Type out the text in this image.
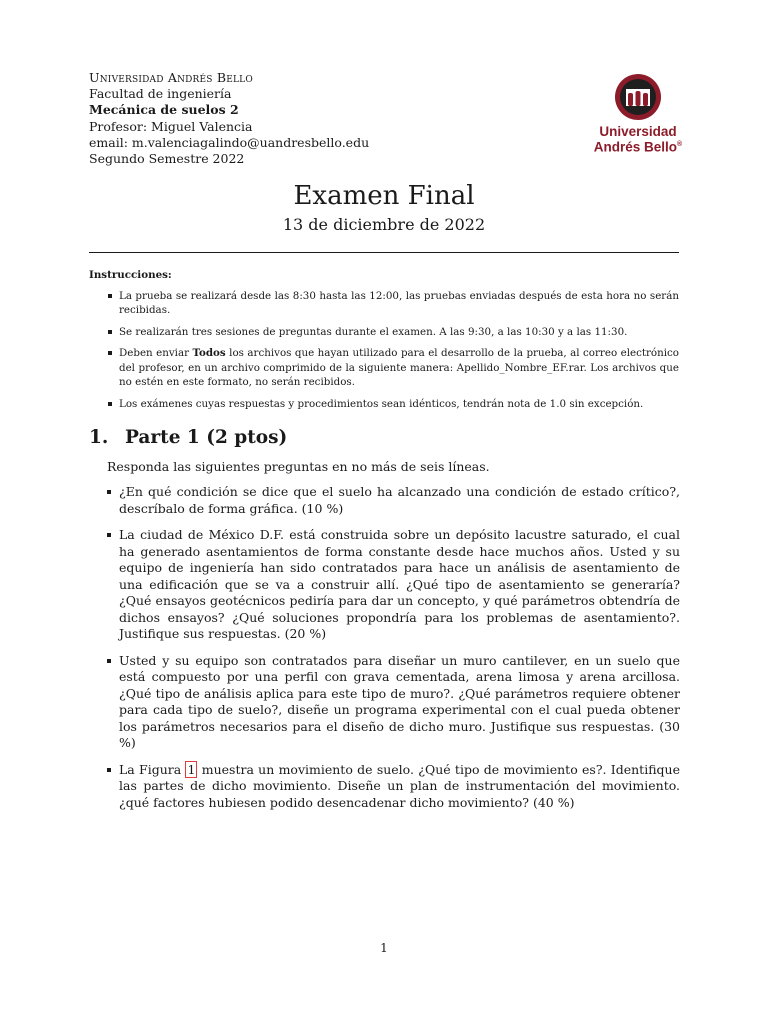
Universidad Andrés Bello
Facultad de ingeniería
Mecánica de suelos 2
Profesor: Miguel Valencia
email: m.valenciagalindo@uandresbello.edu
Segundo Semestre 2022
Universidad
Andrés Bello®
Examen Final
13 de diciembre de 2022
Instrucciones:
La prueba se realizará desde las 8:30 hasta las 12:00, las pruebas enviadas después de esta hora no serán recibidas.
Se realizarán tres sesiones de preguntas durante el examen. A las 9:30, a las 10:30 y a las 11:30.
Deben enviar Todos los archivos que hayan utilizado para el desarrollo de la prueba, al correo electrónico del profesor, en un archivo comprimido de la siguiente manera: Apellido_Nombre_EF.rar. Los archivos que no estén en este formato, no serán recibidos.
Los exámenes cuyas respuestas y procedimientos sean idénticos, tendrán nota de 1.0 sin excepción.
1. Parte 1 (2 ptos)
Responda las siguientes preguntas en no más de seis líneas.
¿En qué condición se dice que el suelo ha alcanzado una condición de estado crítico?, descríbalo de forma gráfica. (10 %)
La ciudad de México D.F. está construida sobre un depósito lacustre saturado, el cual ha generado asentamientos de forma constante desde hace muchos años. Usted y su equipo de ingeniería han sido contratados para hace un análisis de asentamiento de una edificación que se va a construir allí. ¿Qué tipo de asentamiento se generaría? ¿Qué ensayos geotécnicos pediría para dar un concepto, y qué parámetros obtendría de dichos ensayos? ¿Qué soluciones propondría para los problemas de asentamiento?. Justifique sus respuestas. (20 %)
Usted y su equipo son contratados para diseñar un muro cantilever, en un suelo que está compuesto por una perfil con grava cementada, arena limosa y arena arcillosa. ¿Qué tipo de análisis aplica para este tipo de muro?. ¿Qué parámetros requiere obtener para cada tipo de suelo?, diseñe un programa experimental con el cual pueda obtener los parámetros necesarios para el diseño de dicho muro. Justifique sus respuestas. (30 %)
La Figura 1 muestra un movimiento de suelo. ¿Qué tipo de movimiento es?. Identifique las partes de dicho movimiento. Diseñe un plan de instrumentación del movimiento. ¿qué factores hubiesen podido desencadenar dicho movimiento? (40 %)
1
